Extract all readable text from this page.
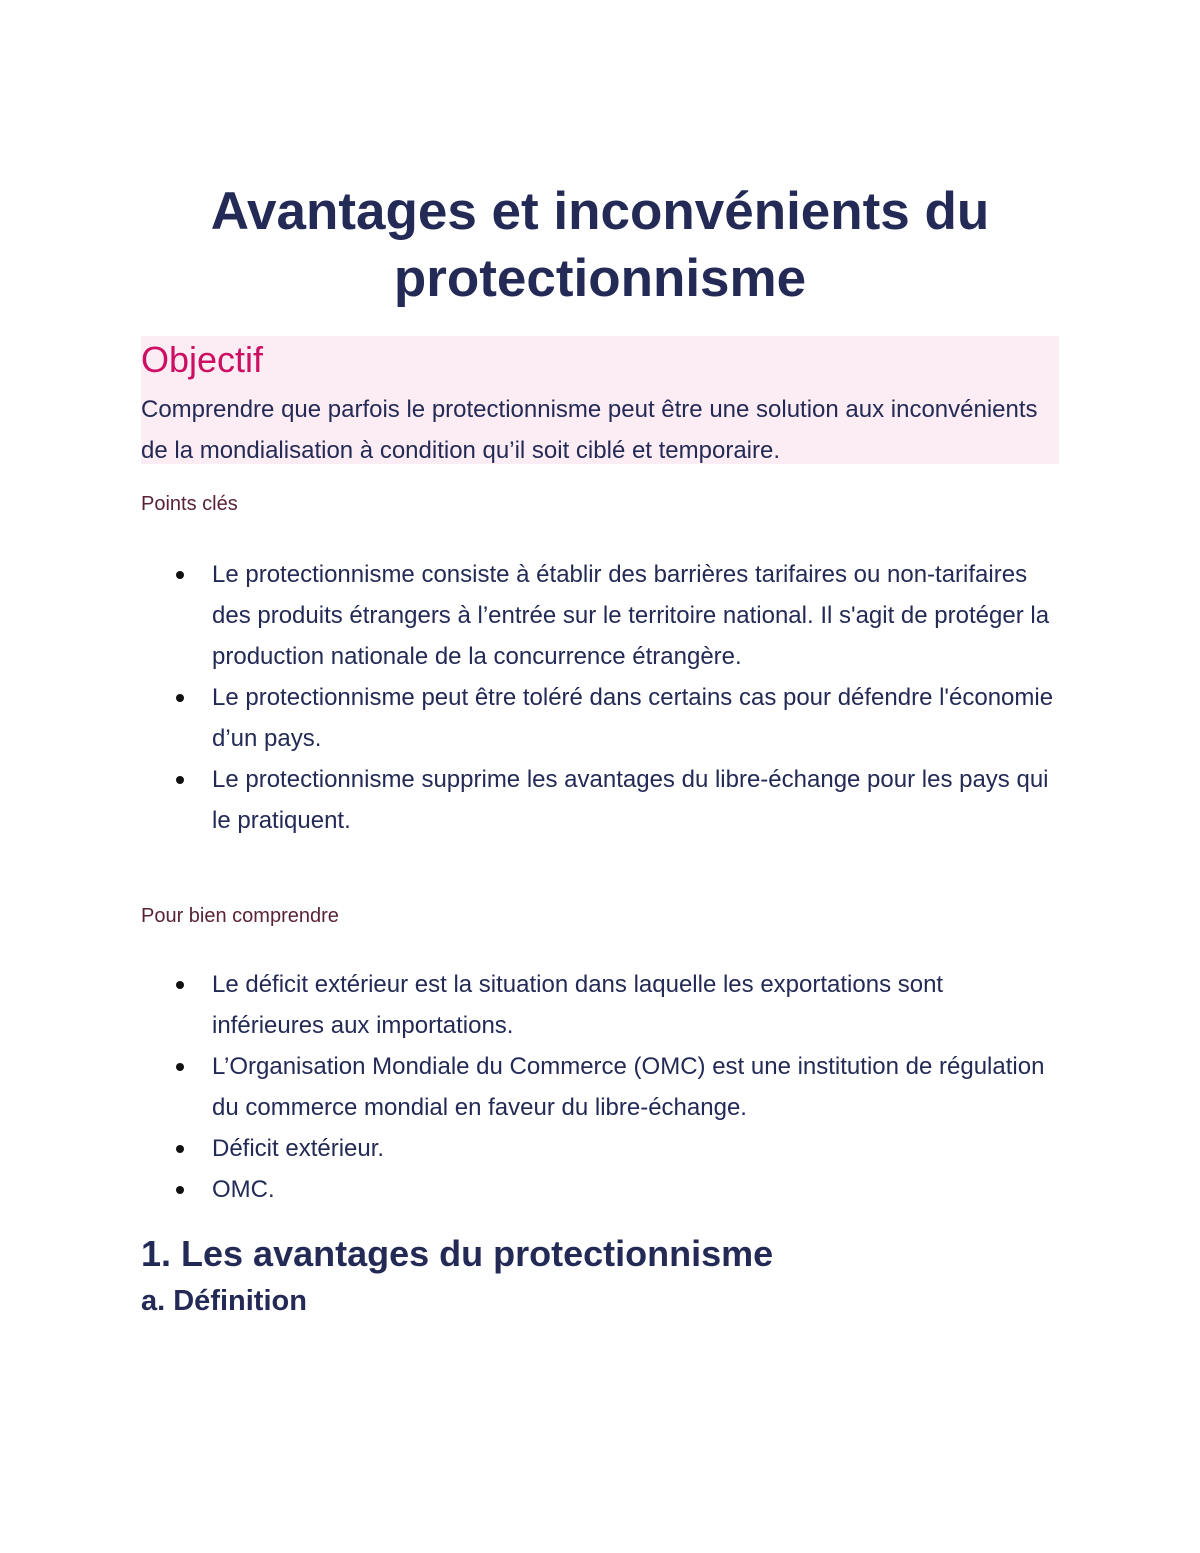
Avantages et inconvénients du protectionnisme
Objectif

Comprendre que parfois le protectionnisme peut être une solution aux inconvénients de la mondialisation à condition qu’il soit ciblé et temporaire.

Points clés

Le protectionnisme consiste à établir des barrières tarifaires ou non-tarifaires des produits étrangers à l’entrée sur le territoire national. Il s'agit de protéger la production nationale de la concurrence étrangère.
Le protectionnisme peut être toléré dans certains cas pour défendre l'économie d’un pays.
Le protectionnisme supprime les avantages du libre-échange pour les pays qui le pratiquent.

Pour bien comprendre

Le déficit extérieur est la situation dans laquelle les exportations sont inférieures aux importations.
L’Organisation Mondiale du Commerce (OMC) est une institution de régulation du commerce mondial en faveur du libre-échange.
Déficit extérieur.
OMC.
1. Les avantages du protectionnisme
a. Définition
